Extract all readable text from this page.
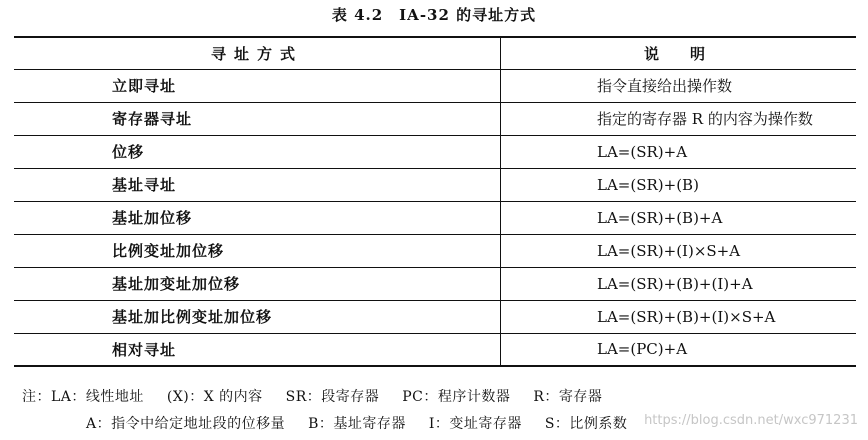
表 4.2　IA-32 的寻址方式
寻址方式	说　明
立即寻址	指令直接给出操作数
寄存器寻址	指定的寄存器 R 的内容为操作数
位移	LA=(SR)+A
基址寻址	LA=(SR)+(B)
基址加位移	LA=(SR)+(B)+A
比例变址加位移	LA=(SR)+(I)×S+A
基址加变址加位移	LA=(SR)+(B)+(I)+A
基址加比例变址加位移	LA=(SR)+(B)+(I)×S+A
相对寻址	LA=(PC)+A
注：LA：线性地址 (X)：X 的内容 SR：段寄存器 PC：程序计数器 R：寄存器
A：指令中给定地址段的位移量 B：基址寄存器 I：变址寄存器 S：比例系数	https://blog.csdn.net/wxc971231
